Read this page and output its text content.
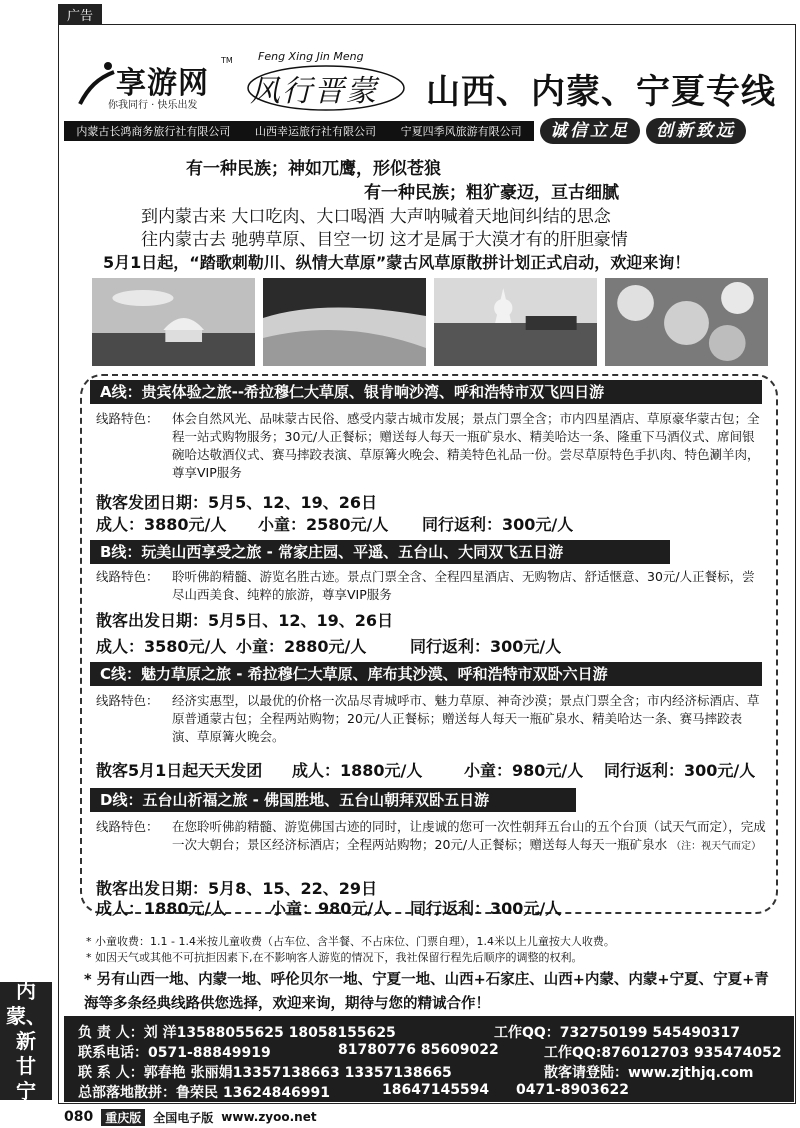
广告
享游网
TM
你我同行 · 快乐出发
Feng Xing Jin Meng
风行晋蒙 山西、内蒙、宁夏专线
内蒙古长鸿商务旅行社有限公司 山西幸运旅行社有限公司 宁夏四季风旅游有限公司	诚信立足	创新致远
有一种民族；神如兀鹰，形似苍狼
有一种民族；粗犷豪迈，亘古细腻
到内蒙古来 大口吃肉、大口喝酒 大声呐喊着天地间纠结的思念
往内蒙古去 驰骋草原、目空一切 这才是属于大漠才有的肝胆豪情
5月1日起，“踏歌刺勒川、纵情大草原”蒙古风草原散拼计划正式启动，欢迎来询！
A线：贵宾体验之旅--希拉穆仁大草原、银肯响沙湾、呼和浩特市双飞四日游
线路特色： 体会自然风光、品味蒙古民俗、感受内蒙古城市发展；景点门票全含；市内四星酒店、草原豪华蒙古包；全程一站式购物服务；30元/人正餐标；赠送每人每天一瓶矿泉水、精美哈达一条、隆重下马酒仪式、席间银碗哈达敬酒仪式、赛马摔跤表演、草原篝火晚会、精美特色礼品一份。尝尽草原特色手扒肉、特色涮羊肉，尊享VIP服务
散客发团日期：5月5、12、19、26日
成人：3880元/人 小童：2580元/人 同行返利：300元/人
B线：玩美山西享受之旅 - 常家庄园、平遥、五台山、大同双飞五日游
线路特色： 聆听佛韵精髓、游览名胜古迹。景点门票全含、全程四星酒店、无购物店、舒适惬意、30元/人正餐标，尝尽山西美食、纯粹的旅游，尊享VIP服务
散客出发日期：5月5日、12、19、26日
成人：3580元/人 小童：2880元/人	同行返利：300元/人
C线：魅力草原之旅 - 希拉穆仁大草原、库布其沙漠、呼和浩特市双卧六日游
线路特色： 经济实惠型，以最优的价格一次品尽青城呼市、魅力草原、神奇沙漠；景点门票全含；市内经济标酒店、草原普通蒙古包；全程两站购物；20元/人正餐标；赠送每人每天一瓶矿泉水、精美哈达一条、赛马摔跤表演、草原篝火晚会。
散客5月1日起天天发团 成人：1880元/人	小童：980元/人 同行返利：300元/人
D线：五台山祈福之旅 - 佛国胜地、五台山朝拜双卧五日游
线路特色： 在您聆听佛韵精髓、游览佛国古迹的同时，让虔诚的您可一次性朝拜五台山的五个台顶（试天气而定），完成一次大朝台；景区经济标酒店；全程两站购物；20元/人正餐标；赠送每人每天一瓶矿泉水 （注：视天气而定）
散客出发日期：5月8、15、22、29日
成人：1880元/人	小童：980元/人 同行返利：300元/人
* 小童收费：1.1 - 1.4米按儿童收费（占车位、含半餐、不占床位、门票自理），1.4米以上儿童按大人收费。
* 如因天气或其他不可抗拒因素下,在不影响客人游览的情况下，我社保留行程先后顺序的调整的权利。
* 另有山西一地、内蒙一地、呼伦贝尔一地、宁夏一地、山西+石家庄、山西+内蒙、内蒙+宁夏、宁夏+青海等多条经典线路供您选择，欢迎来询，期待与您的精诚合作！
负 责 人：刘 洋13588055625 18058155625	工作QQ：732750199 545490317
联系电话：0571-88849919	81780776 85609022	工作QQ:876012703 935474052
联 系 人：郭春艳 张丽娟13357138663 13357138665	散客请登陆：www.zjthjq.com
总部落地散拼：鲁荣民 13624846991	18647145594 0471-8903622
内
蒙、
新
甘
宁
080	重庆版	全国电子版 www.zyoo.net
